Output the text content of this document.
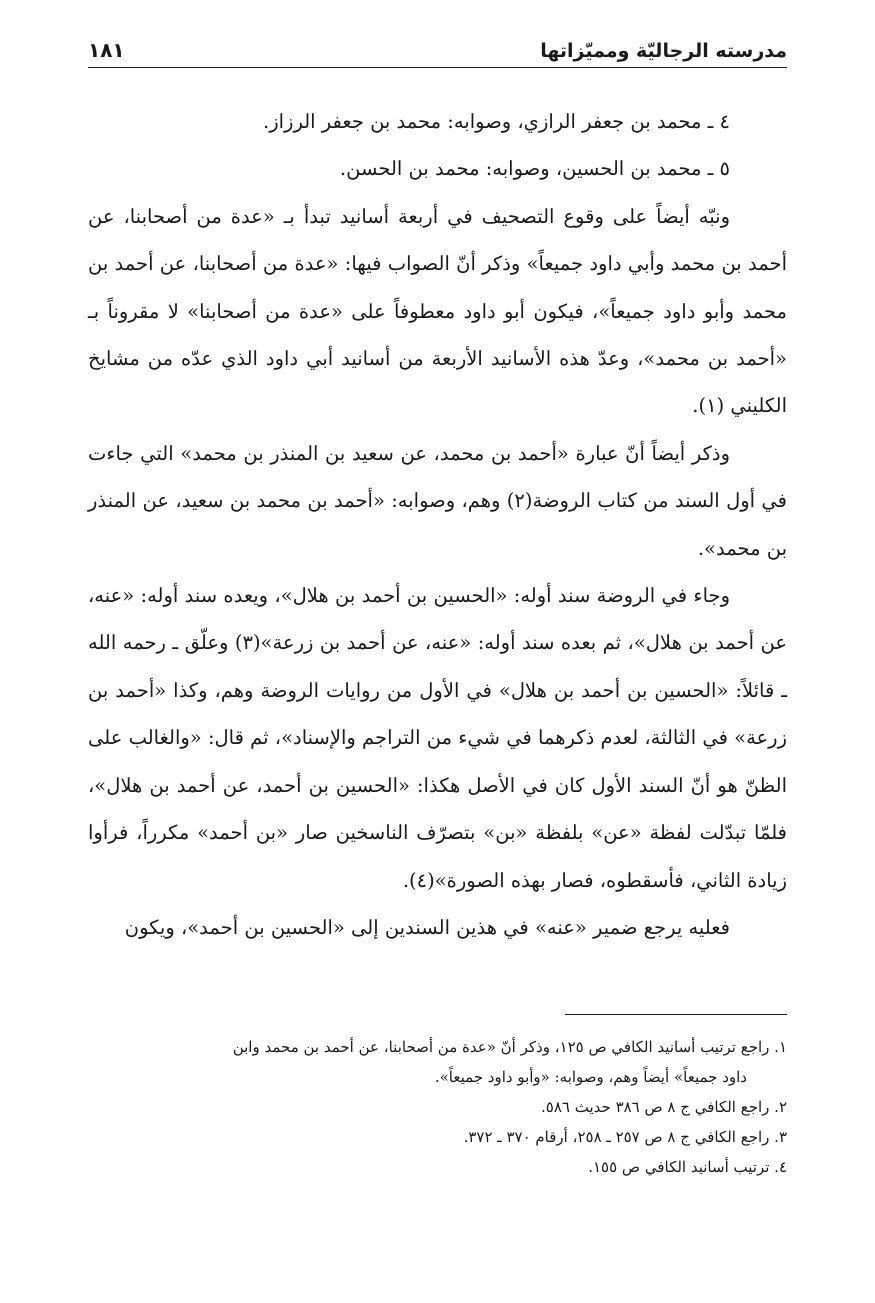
مدرسته الرجاليّة ومميّزاتها
١٨١

٤ ـ محمد بن جعفر الرازي، وصوابه: محمد بن جعفر الرزاز.

٥ ـ محمد بن الحسين، وصوابه: محمد بن الحسن.

ونبّه أيضاً على وقوع التصحيف في أربعة أسانيد تبدأ بـ «عدة من أصحابنا، عن أحمد بن محمد وأبي داود جميعاً» وذكر أنّ الصواب فيها: «عدة من أصحابنا، عن أحمد بن محمد وأبو داود جميعاً»، فيكون أبو داود معطوفاً على «عدة من أصحابنا» لا مقروناً بـ «أحمد بن محمد»، وعدّ هذه الأسانيد الأربعة من أسانيد أبي داود الذي عدّه من مشايخ الكليني (١).

وذكر أيضاً أنّ عبارة «أحمد بن محمد، عن سعيد بن المنذر بن محمد» التي جاءت في أول السند من كتاب الروضة(٢) وهم، وصوابه: «أحمد بن محمد بن سعيد، عن المنذر بن محمد».

وجاء في الروضة سند أوله: «الحسين بن أحمد بن هلال»، ويعده سند أوله: «عنه، عن أحمد بن هلال»، ثم بعده سند أوله: «عنه، عن أحمد بن زرعة»(٣) وعلّق ـ رحمه الله ـ قائلاً: «الحسين بن أحمد بن هلال» في الأول من روايات الروضة وهم، وكذا «أحمد بن زرعة» في الثالثة، لعدم ذكرهما في شيء من التراجم والإسناد»، ثم قال: «والغالب على الظنّ هو أنّ السند الأول كان في الأصل هكذا: «الحسين بن أحمد، عن أحمد بن هلال»، فلمّا تبدّلت لفظة «عن» بلفظة «بن» بتصرّف الناسخين صار «بن أحمد» مكرراً، فرأوا زيادة الثاني، فأسقطوه، فصار بهذه الصورة»(٤).

فعليه يرجع ضمير «عنه» في هذين السندين إلى «الحسين بن أحمد»، ويكون

١. راجع ترتيب أسانيد الكافي ص ١٢٥، وذكر أنّ «عدة من أصحابنا، عن أحمد بن محمد وابن

داود جميعاً» أيضاً وهم، وصوابه: «وأبو داود جميعاً».

٢. راجع الكافي ج ٨ ص ٣٨٦ حديث ٥٨٦.

٣. راجع الكافي ج ٨ ص ٢٥٧ ـ ٢٥٨، أرقام ٣٧٠ ـ ٣٧٢.

٤. ترتيب أسانيد الكافي ص ١٥٥.
